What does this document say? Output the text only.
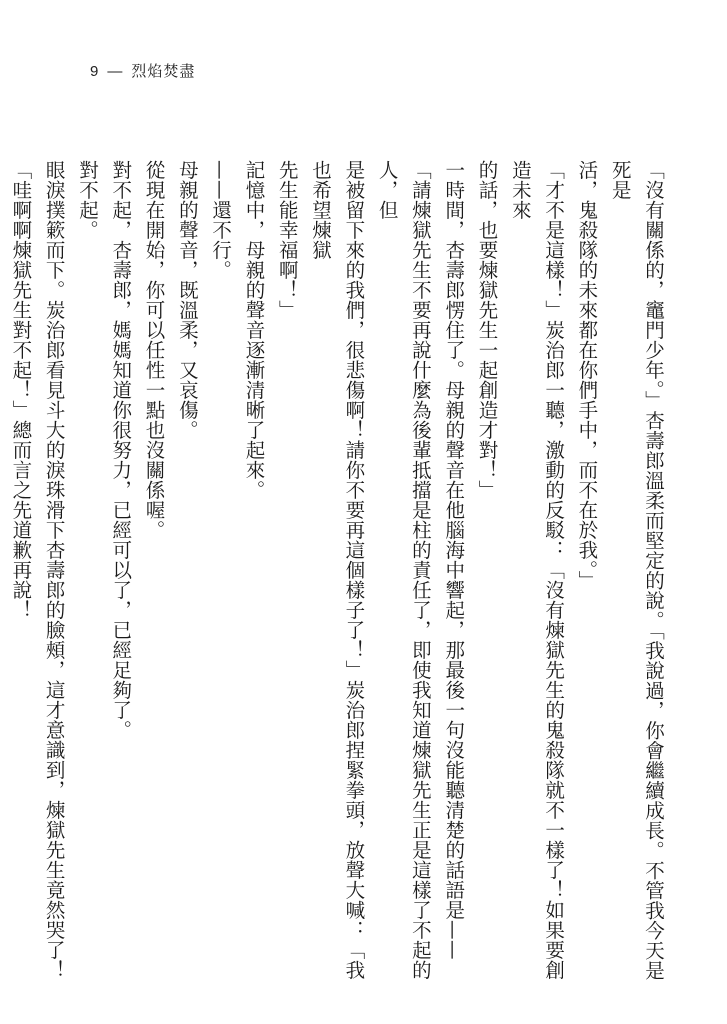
9 — 烈焰焚盡

「沒有關係的，竈門少年。」杏壽郎溫柔而堅定的說。「我說過，你會繼續成長。不管我今天是死是

活，鬼殺隊的未來都在你們手中，而不在於我。」

「才不是這樣！」炭治郎一聽，激動的反駁：「沒有煉獄先生的鬼殺隊就不一樣了！如果要創造未來

的話，也要煉獄先生一起創造才對！」

一時間，杏壽郎愣住了。母親的聲音在他腦海中響起，那最後一句沒能聽清楚的話語是——

「請煉獄先生不要再說什麼為後輩抵擋是柱的責任了，即使我知道煉獄先生正是這樣了不起的人，但

是被留下來的我們，很悲傷啊！請你不要再這個樣子了！」炭治郎捏緊拳頭，放聲大喊：「我也希望煉獄

先生能幸福啊！」

記憶中，母親的聲音逐漸清晰了起來。

——還不行。

母親的聲音，既溫柔，又哀傷。

從現在開始，你可以任性一點也沒關係喔。

對不起，杏壽郎，媽媽知道你很努力，已經可以了，已經足夠了。

對不起。

眼淚撲簌而下。炭治郎看見斗大的淚珠滑下杏壽郎的臉頰，這才意識到，煉獄先生竟然哭了！

「哇啊啊煉獄先生對不起！」總而言之先道歉再說！
